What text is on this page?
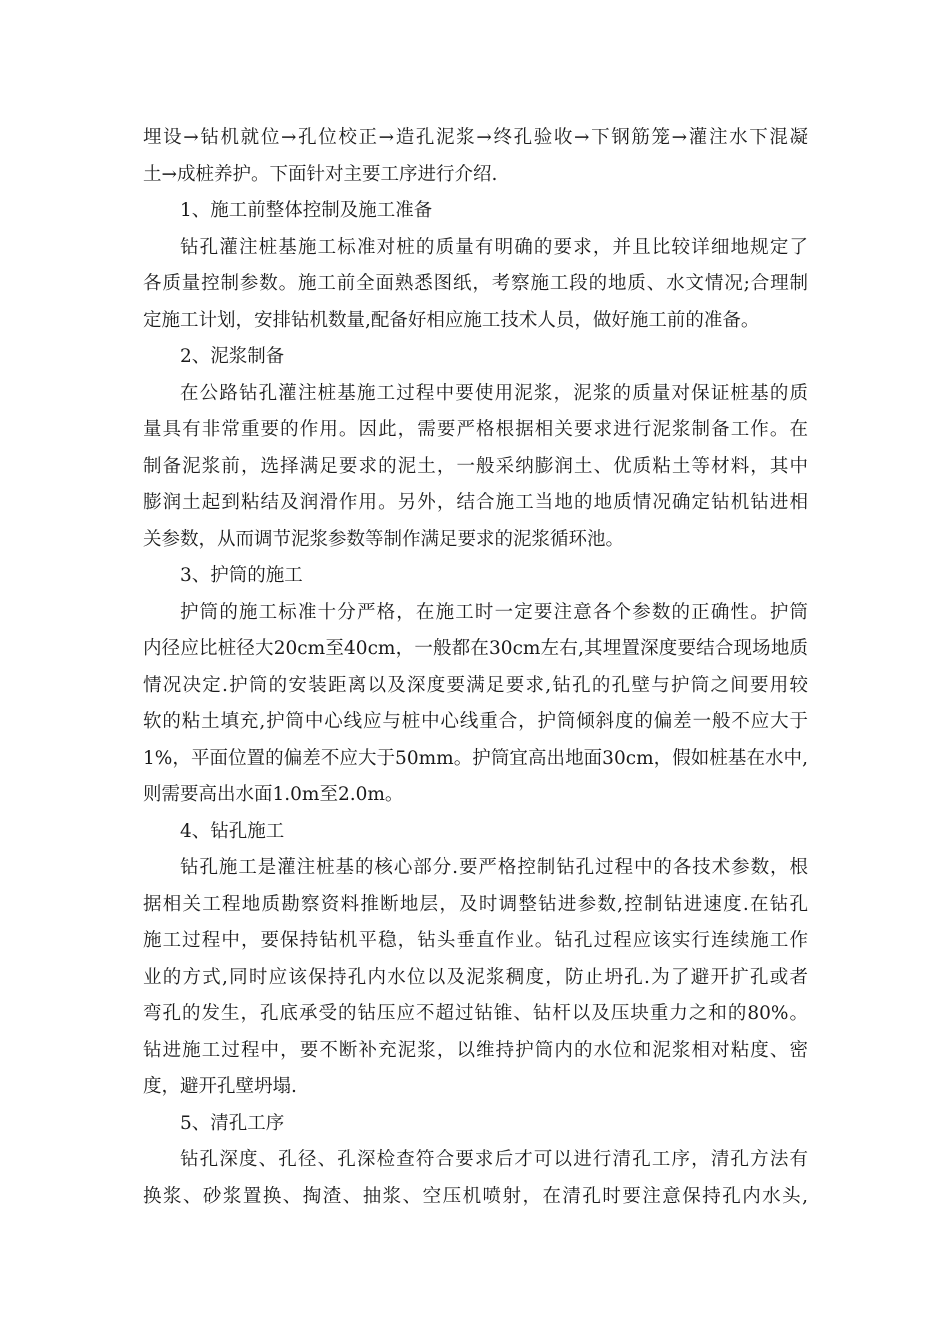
埋设→钻机就位→孔位校正→造孔泥浆→终孔验收→下钢筋笼→灌注水下混凝
土→成桩养护。下面针对主要工序进行介绍.
1、施工前整体控制及施工准备
钻孔灌注桩基施工标准对桩的质量有明确的要求，并且比较详细地规定了
各质量控制参数。施工前全面熟悉图纸，考察施工段的地质、水文情况;合理制
定施工计划，安排钻机数量,配备好相应施工技术人员，做好施工前的准备。
2、泥浆制备
在公路钻孔灌注桩基施工过程中要使用泥浆，泥浆的质量对保证桩基的质
量具有非常重要的作用。因此，需要严格根据相关要求进行泥浆制备工作。在
制备泥浆前，选择满足要求的泥土，一般采纳膨润土、优质粘土等材料，其中
膨润土起到粘结及润滑作用。另外，结合施工当地的地质情况确定钻机钻进相
关参数，从而调节泥浆参数等制作满足要求的泥浆循环池。
3、护筒的施工
护筒的施工标准十分严格，在施工时一定要注意各个参数的正确性。护筒
内径应比桩径大20cm至40cm，一般都在30cm左右,其埋置深度要结合现场地质
情况决定.护筒的安装距离以及深度要满足要求,钻孔的孔壁与护筒之间要用较
软的粘土填充,护筒中心线应与桩中心线重合，护筒倾斜度的偏差一般不应大于
1%，平面位置的偏差不应大于50mm。护筒宜高出地面30cm，假如桩基在水中,
则需要高出水面1.0m至2.0m。
4、钻孔施工
钻孔施工是灌注桩基的核心部分.要严格控制钻孔过程中的各技术参数，根
据相关工程地质勘察资料推断地层，及时调整钻进参数,控制钻进速度.在钻孔
施工过程中，要保持钻机平稳，钻头垂直作业。钻孔过程应该实行连续施工作
业的方式,同时应该保持孔内水位以及泥浆稠度，防止坍孔.为了避开扩孔或者
弯孔的发生，孔底承受的钻压应不超过钻锥、钻杆以及压块重力之和的80%。
钻进施工过程中，要不断补充泥浆，以维持护筒内的水位和泥浆相对粘度、密
度，避开孔壁坍塌.
5、清孔工序
钻孔深度、孔径、孔深检查符合要求后才可以进行清孔工序，清孔方法有
换浆、砂浆置换、掏渣、抽浆、空压机喷射，在清孔时要注意保持孔内水头,
